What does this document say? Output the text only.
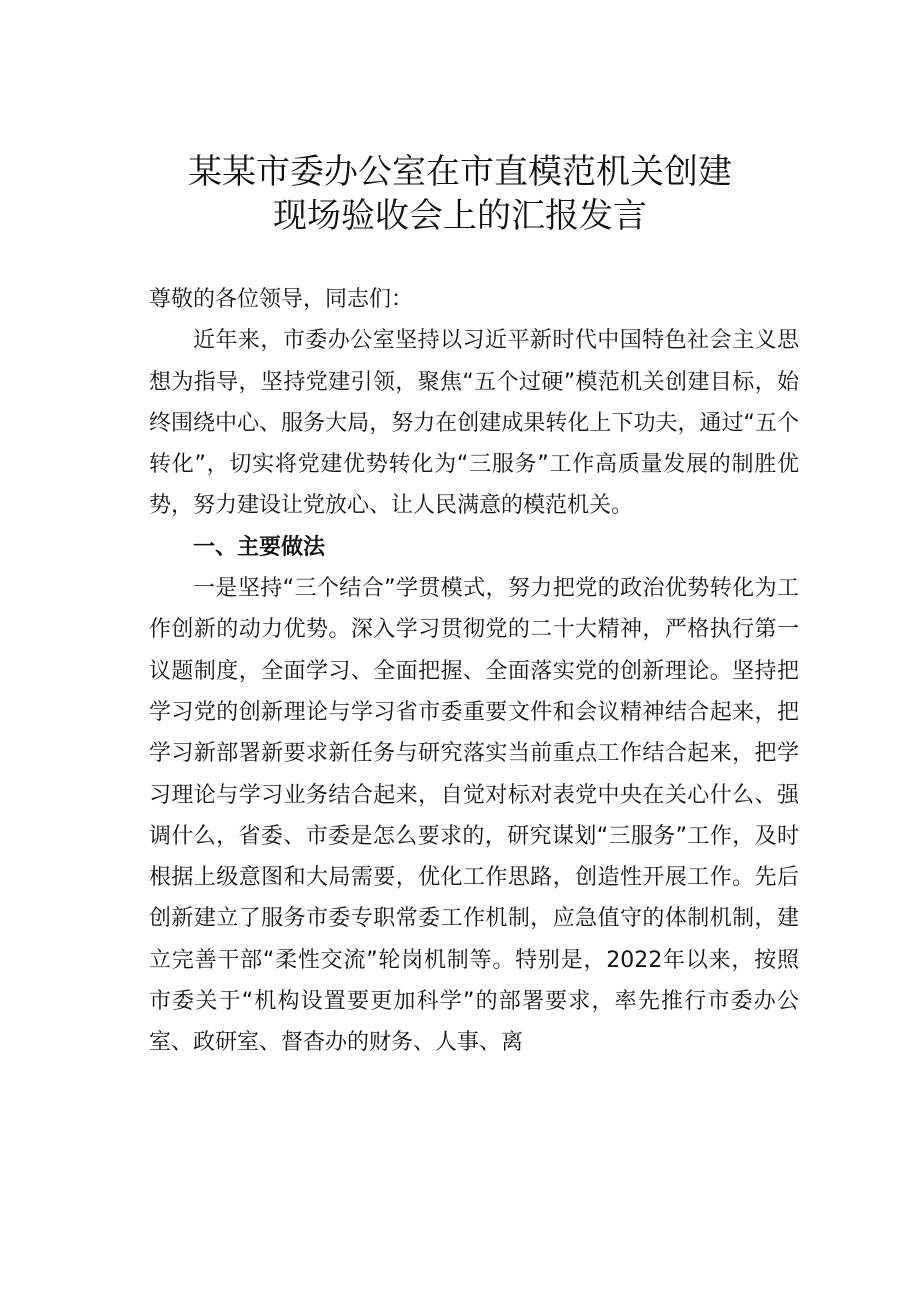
某某市委办公室在市直模范机关创建
现场验收会上的汇报发言
尊敬的各位领导，同志们：

近年来，市委办公室坚持以习近平新时代中国特色社会主义思想为指导，坚持党建引领，聚焦“五个过硬”模范机关创建目标，始终围绕中心、服务大局，努力在创建成果转化上下功夫，通过“五个转化”，切实将党建优势转化为“三服务”工作高质量发展的制胜优势，努力建设让党放心、让人民满意的模范机关。

一、主要做法

一是坚持“三个结合”学贯模式，努力把党的政治优势转化为工作创新的动力优势。深入学习贯彻党的二十大精神，严格执行第一议题制度，全面学习、全面把握、全面落实党的创新理论。坚持把学习党的创新理论与学习省市委重要文件和会议精神结合起来，把学习新部署新要求新任务与研究落实当前重点工作结合起来，把学习理论与学习业务结合起来，自觉对标对表党中央在关心什么、强调什么，省委、市委是怎么要求的，研究谋划“三服务”工作，及时根据上级意图和大局需要，优化工作思路，创造性开展工作。先后创新建立了服务市委专职常委工作机制，应急值守的体制机制，建立完善干部“柔性交流”轮岗机制等。特别是，2022年以来，按照市委关于“机构设置要更加科学”的部署要求，率先推行市委办公室、政研室、督杳办的财务、人事、离
